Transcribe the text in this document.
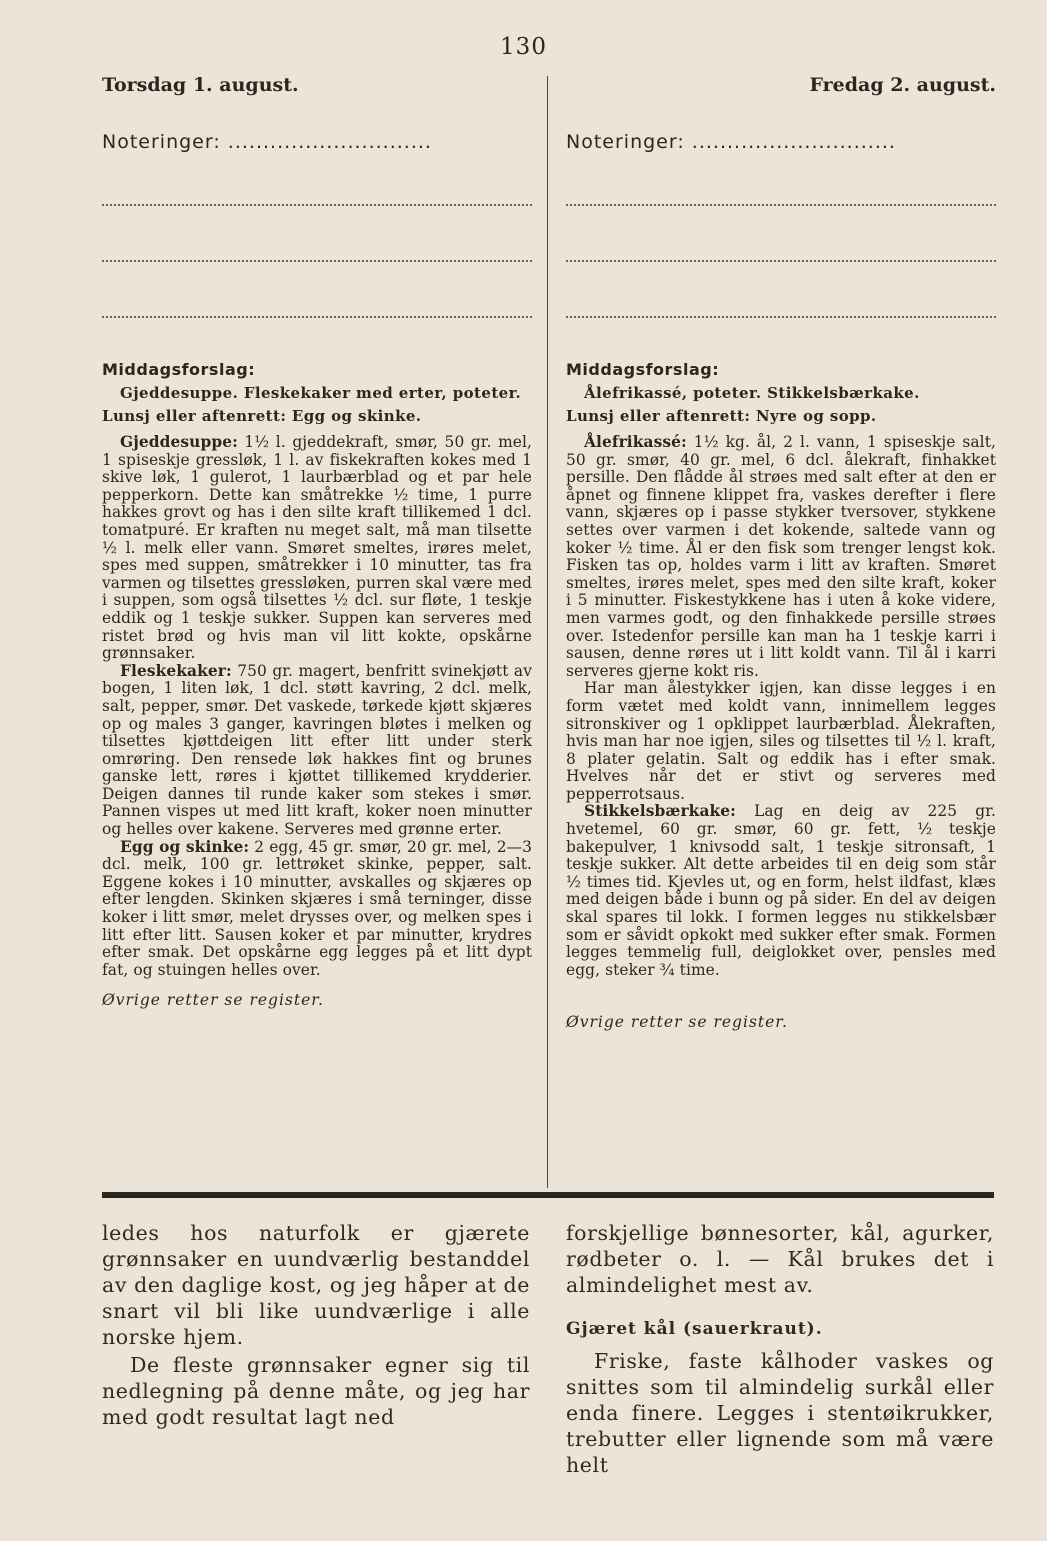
130
Torsdag 1. august.
Noteringer: .............................
Middagsforslag:
Gjeddesuppe. Fleskekaker med erter, poteter.
Lunsj eller aftenrett: Egg og skinke.

Gjeddesuppe: 1½ l. gjeddekraft, smør, 50 gr. mel, 1 spiseskje gressløk, 1 l. av fiskekraften kokes med 1 skive løk, 1 gulerot, 1 laurbærblad og et par hele pepperkorn. Dette kan småtrekke ½ time, 1 purre hakkes grovt og has i den silte kraft tillikemed 1 dcl. tomatpuré. Er kraften nu meget salt, må man tilsette ½ l. melk eller vann. Smøret smeltes, irøres melet, spes med suppen, småtrekker i 10 minutter, tas fra varmen og tilsettes gressløken, purren skal være med i suppen, som også tilsettes ½ dcl. sur fløte, 1 teskje eddik og 1 teskje sukker. Suppen kan serveres med ristet brød og hvis man vil litt kokte, opskårne grønnsaker.

Fleskekaker: 750 gr. magert, benfritt svinekjøtt av bogen, 1 liten løk, 1 dcl. støtt kavring, 2 dcl. melk, salt, pepper, smør. Det vaskede, tørkede kjøtt skjæres op og males 3 ganger, kavringen bløtes i melken og tilsettes kjøttdeigen litt efter litt under sterk omrøring. Den rensede løk hakkes fint og brunes ganske lett, røres i kjøttet tillikemed krydderier. Deigen dannes til runde kaker som stekes i smør. Pannen vispes ut med litt kraft, koker noen minutter og helles over kakene. Serveres med grønne erter.

Egg og skinke: 2 egg, 45 gr. smør, 20 gr. mel, 2—3 dcl. melk, 100 gr. lettrøket skinke, pepper, salt. Eggene kokes i 10 minutter, avskalles og skjæres op efter lengden. Skinken skjæres i små terninger, disse koker i litt smør, melet drysses over, og melken spes i litt efter litt. Sausen koker et par minutter, krydres efter smak. Det opskårne egg legges på et litt dypt fat, og stuingen helles over.

Øvrige retter se register.
Fredag 2. august.
Noteringer: .............................
Middagsforslag:
Ålefrikassé, poteter. Stikkelsbærkake.
Lunsj eller aftenrett: Nyre og sopp.

Ålefrikassé: 1½ kg. ål, 2 l. vann, 1 spiseskje salt, 50 gr. smør, 40 gr. mel, 6 dcl. ålekraft, finhakket persille. Den flådde ål strøes med salt efter at den er åpnet og finnene klippet fra, vaskes derefter i flere vann, skjæres op i passe stykker tversover, stykkene settes over varmen i det kokende, saltede vann og koker ½ time. Ål er den fisk som trenger lengst kok. Fisken tas op, holdes varm i litt av kraften. Smøret smeltes, irøres melet, spes med den silte kraft, koker i 5 minutter. Fiskestykkene has i uten å koke videre, men varmes godt, og den finhakkede persille strøes over. Istedenfor persille kan man ha 1 teskje karri i sausen, denne røres ut i litt koldt vann. Til ål i karri serveres gjerne kokt ris.

Har man ålestykker igjen, kan disse legges i en form vætet med koldt vann, innimellem legges sitronskiver og 1 opklippet laurbærblad. Ålekraften, hvis man har noe igjen, siles og tilsettes til ½ l. kraft, 8 plater gelatin. Salt og eddik has i efter smak. Hvelves når det er stivt og serveres med pepperrotsaus.

Stikkelsbærkake: Lag en deig av 225 gr. hvetemel, 60 gr. smør, 60 gr. fett, ½ teskje bakepulver, 1 knivsodd salt, 1 teskje sitronsaft, 1 teskje sukker. Alt dette arbeides til en deig som står ½ times tid. Kjevles ut, og en form, helst ildfast, klæs med deigen både i bunn og på sider. En del av deigen skal spares til lokk. I formen legges nu stikkelsbær som er såvidt opkokt med sukker efter smak. Formen legges temmelig full, deiglokket over, pensles med egg, steker ¾ time.

Øvrige retter se register.

ledes hos naturfolk er gjærete grønnsaker en uundværlig bestanddel av den daglige kost, og jeg håper at de snart vil bli like uundværlige i alle norske hjem.

De fleste grønnsaker egner sig til nedlegning på denne måte, og jeg har med godt resultat lagt ned

forskjellige bønnesorter, kål, agurker, rødbeter o. l. — Kål brukes det i almindelighet mest av.

Gjæret kål (sauerkraut).

Friske, faste kålhoder vaskes og snittes som til almindelig surkål eller enda finere. Legges i stentøikrukker, trebutter eller lignende som må være helt
